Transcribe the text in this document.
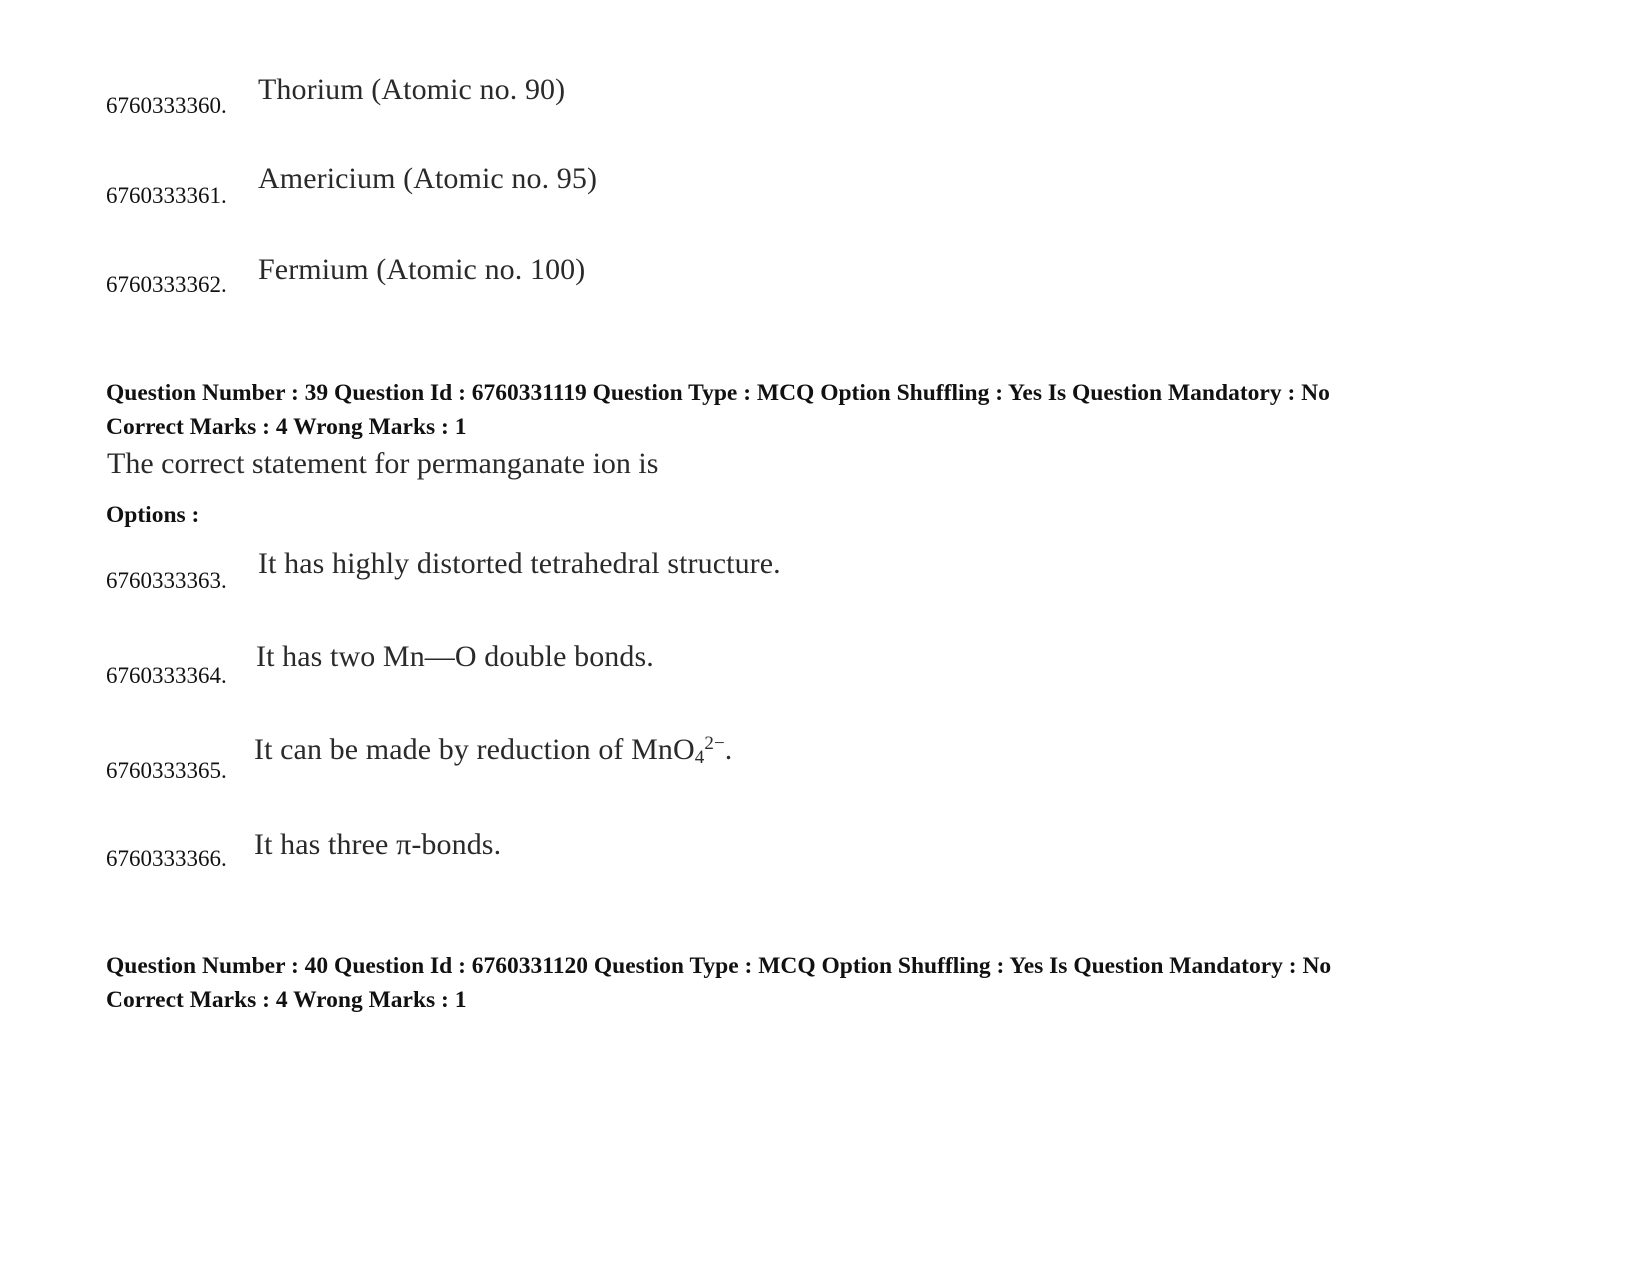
6760333360. Thorium (Atomic no. 90)
6760333361.
Americium (Atomic no. 95)
6760333362. Fermium (Atomic no. 100)
Question Number : 39 Question Id : 6760331119 Question Type : MCQ Option Shuffling : Yes Is Question Mandatory : No
Correct Marks : 4 Wrong Marks : 1
The correct statement for permanganate ion is
Options :
6760333363.
It has highly distorted tetrahedral structure.
6760333364.
It has two Mn—O double bonds.
6760333365.
It can be made by reduction of MnO$_4^{2-}$.
6760333366. It has three π-bonds.
Question Number : 40 Question Id : 6760331120 Question Type : MCQ Option Shuffling : Yes Is Question Mandatory : No
Correct Marks : 4 Wrong Marks : 1
